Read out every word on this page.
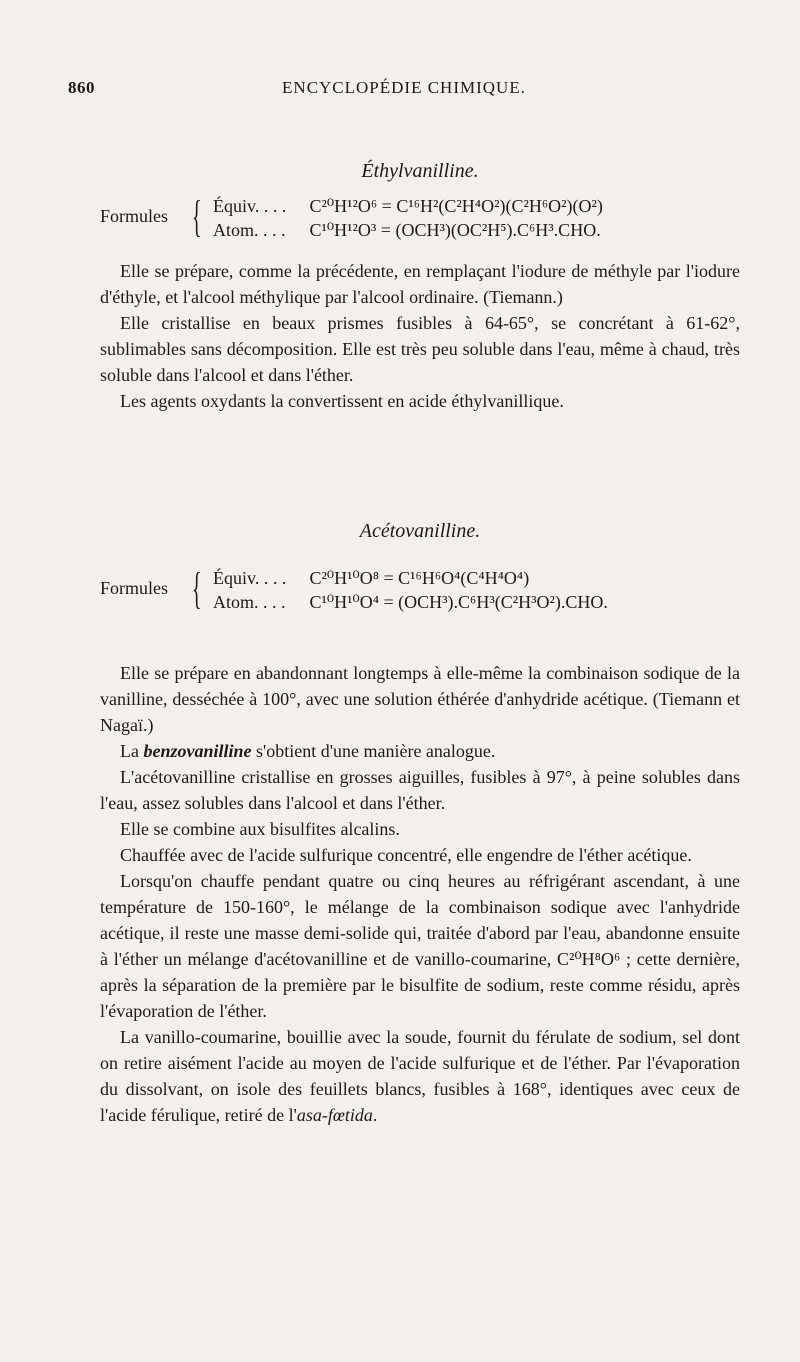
860	ENCYCLOPÉDIE CHIMIQUE.
Éthylvanilline.
Formules { Équiv. . . . C²⁰H¹²O⁶ = C¹⁶H²(C²H⁴O²)(C²H⁶O²)(O²)
Atom. . . . C¹⁰H¹²O³ = (OCH³)(OC²H⁵).C⁶H³.CHO.

Elle se prépare, comme la précédente, en remplaçant l'iodure de méthyle par l'iodure d'éthyle, et l'alcool méthylique par l'alcool ordinaire. (Tiemann.)

Elle cristallise en beaux prismes fusibles à 64-65°, se concrétant à 61-62°, sublimables sans décomposition. Elle est très peu soluble dans l'eau, même à chaud, très soluble dans l'alcool et dans l'éther.

Les agents oxydants la convertissent en acide éthylvanillique.

Acétovanilline.
Formules { Équiv. . . . C²⁰H¹⁰O⁸ = C¹⁶H⁶O⁴(C⁴H⁴O⁴)
Atom. . . . C¹⁰H¹⁰O⁴ = (OCH³).C⁶H³(C²H³O²).CHO.

Elle se prépare en abandonnant longtemps à elle-même la combinaison sodique de la vanilline, desséchée à 100°, avec une solution éthérée d'anhydride acétique. (Tiemann et Nagaï.)

La benzovanilline s'obtient d'une manière analogue.

L'acétovanilline cristallise en grosses aiguilles, fusibles à 97°, à peine solubles dans l'eau, assez solubles dans l'alcool et dans l'éther.

Elle se combine aux bisulfites alcalins.

Chauffée avec de l'acide sulfurique concentré, elle engendre de l'éther acétique.

Lorsqu'on chauffe pendant quatre ou cinq heures au réfrigérant ascendant, à une température de 150-160°, le mélange de la combinaison sodique avec l'anhydride acétique, il reste une masse demi-solide qui, traitée d'abord par l'eau, abandonne ensuite à l'éther un mélange d'acétovanilline et de vanillo-coumarine, C²⁰H⁸O⁶ ; cette dernière, après la séparation de la première par le bisulfite de sodium, reste comme résidu, après l'évaporation de l'éther.

La vanillo-coumarine, bouillie avec la soude, fournit du férulate de sodium, sel dont on retire aisément l'acide au moyen de l'acide sulfurique et de l'éther. Par l'évaporation du dissolvant, on isole des feuillets blancs, fusibles à 168°, identiques avec ceux de l'acide férulique, retiré de l'asa-fœtida.
